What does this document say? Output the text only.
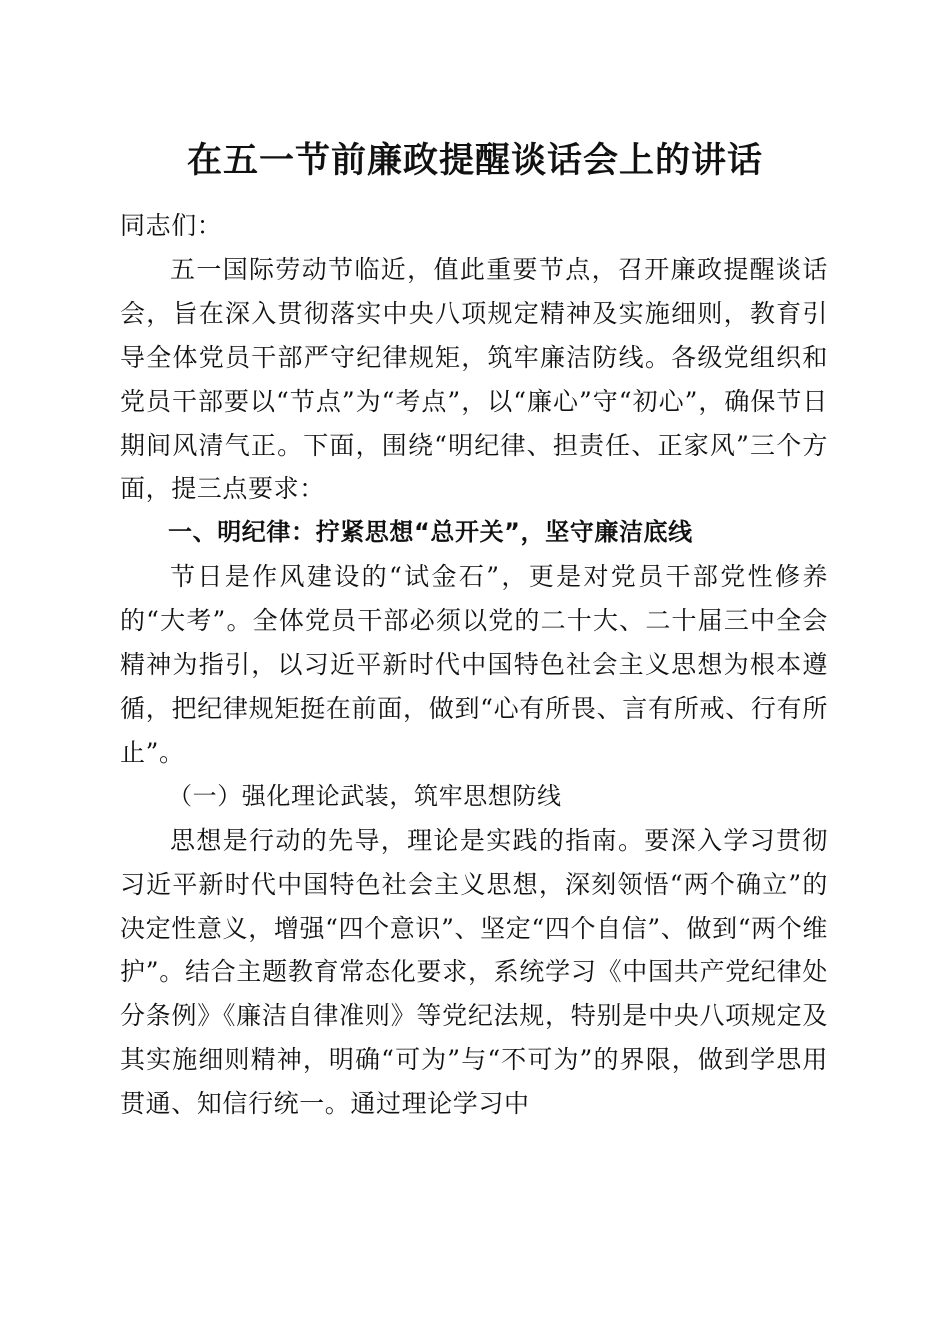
在五一节前廉政提醒谈话会上的讲话

同志们：

五一国际劳动节临近，值此重要节点，召开廉政提醒谈话会，旨在深入贯彻落实中央八项规定精神及实施细则，教育引导全体党员干部严守纪律规矩，筑牢廉洁防线。各级党组织和党员干部要以“节点”为“考点”，以“廉心”守“初心”，确保节日期间风清气正。下面，围绕“明纪律、担责任、正家风”三个方面，提三点要求：

一、明纪律：拧紧思想“总开关”，坚守廉洁底线

节日是作风建设的“试金石”，更是对党员干部党性修养的“大考”。全体党员干部必须以党的二十大、二十届三中全会精神为指引，以习近平新时代中国特色社会主义思想为根本遵循，把纪律规矩挺在前面，做到“心有所畏、言有所戒、行有所止”。

（一）强化理论武装，筑牢思想防线

思想是行动的先导，理论是实践的指南。要深入学习贯彻习近平新时代中国特色社会主义思想，深刻领悟“两个确立”的决定性意义，增强“四个意识”、坚定“四个自信”、做到“两个维护”。结合主题教育常态化要求，系统学习《中国共产党纪律处分条例》《廉洁自律准则》等党纪法规，特别是中央八项规定及其实施细则精神，明确“可为”与“不可为”的界限，做到学思用贯通、知信行统一。通过理论学习中
